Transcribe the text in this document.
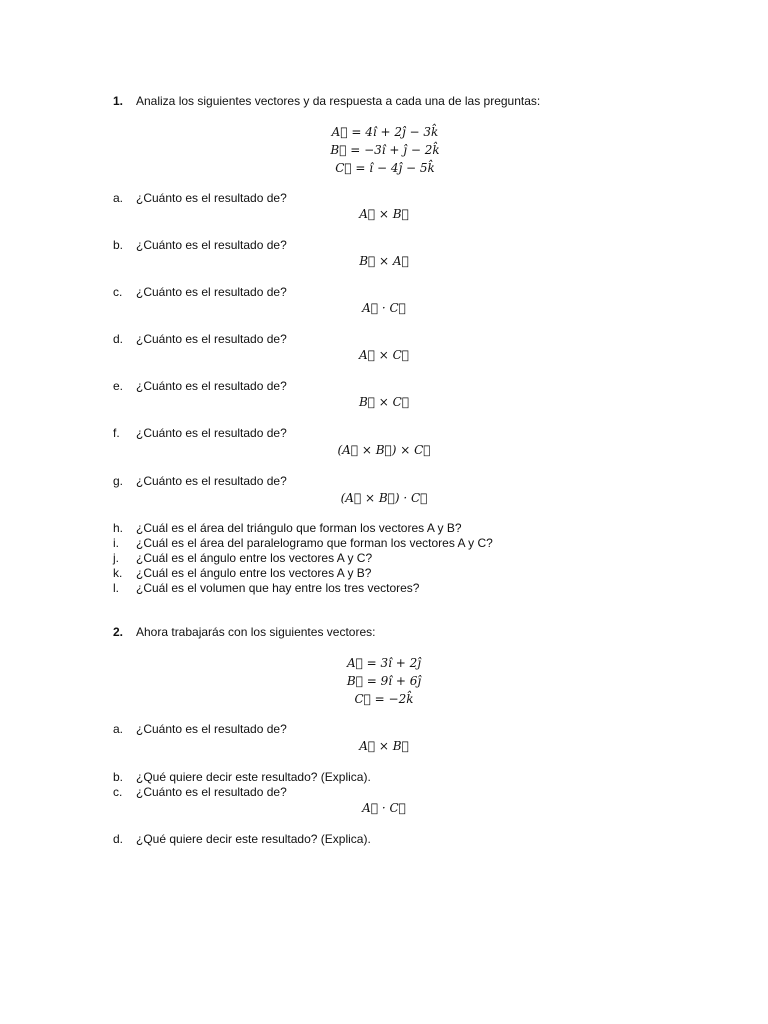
1. Analiza los siguientes vectores y da respuesta a cada una de las preguntas:
A⃗ = 4î + 2ĵ − 3k̂
B⃗ = −3î + ĵ − 2k̂
C⃗ = î − 4ĵ − 5k̂
a. ¿Cuánto es el resultado de?
A⃗ × B⃗
b. ¿Cuánto es el resultado de?
B⃗ × A⃗
c. ¿Cuánto es el resultado de?
A⃗ · C⃗
d. ¿Cuánto es el resultado de?
A⃗ × C⃗
e. ¿Cuánto es el resultado de?
B⃗ × C⃗
f. ¿Cuánto es el resultado de?
(A⃗ × B⃗) × C⃗
g. ¿Cuánto es el resultado de?
(A⃗ × B⃗) · C⃗
h. ¿Cuál es el área del triángulo que forman los vectores A y B?
i. ¿Cuál es el área del paralelogramo que forman los vectores A y C?
j. ¿Cuál es el ángulo entre los vectores A y C?
k. ¿Cuál es el ángulo entre los vectores A y B?
l. ¿Cuál es el volumen que hay entre los tres vectores?
2. Ahora trabajarás con los siguientes vectores:
A⃗ = 3î + 2ĵ
B⃗ = 9î + 6ĵ
C⃗ = −2k̂
a. ¿Cuánto es el resultado de?
A⃗ × B⃗
b. ¿Qué quiere decir este resultado? (Explica).
c. ¿Cuánto es el resultado de?
A⃗ · C⃗
d. ¿Qué quiere decir este resultado? (Explica).
